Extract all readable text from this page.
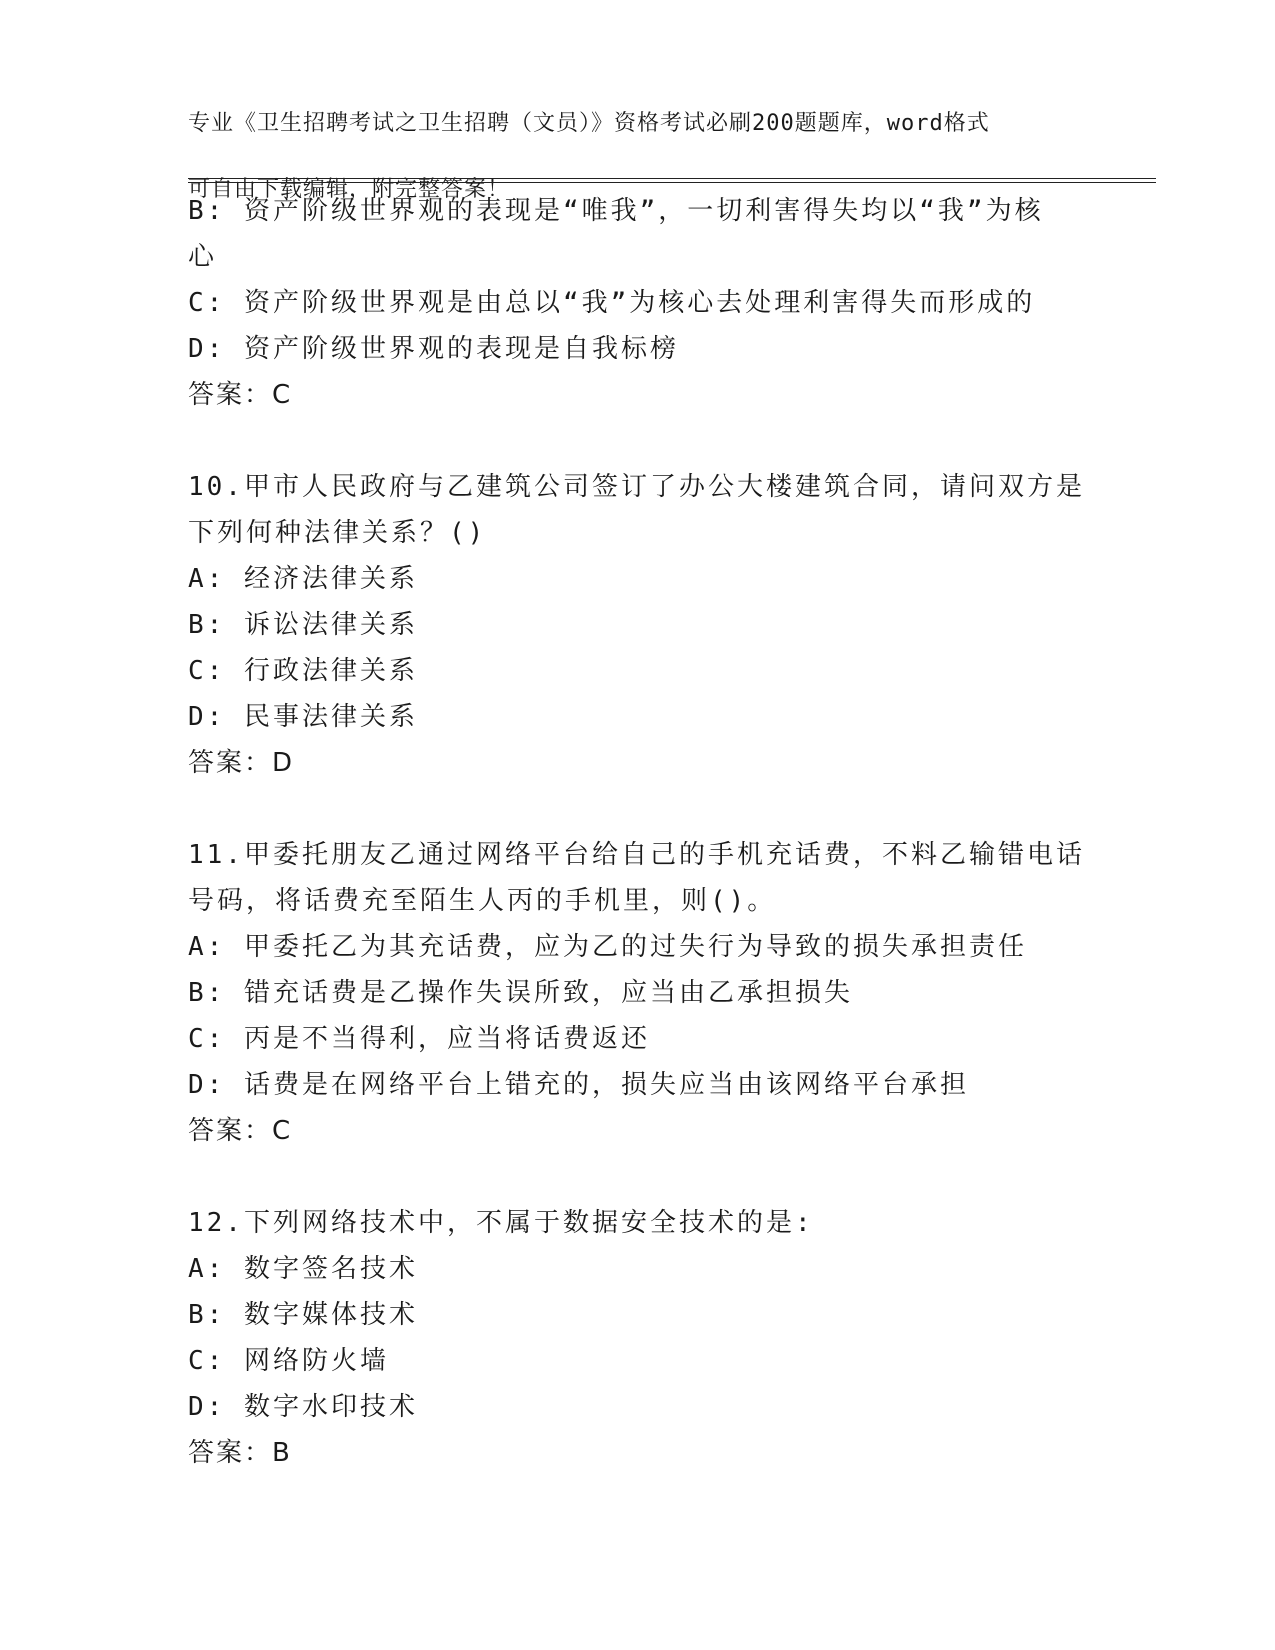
专业《卫生招聘考试之卫生招聘（文员）》资格考试必刷200题题库，word格式

可自由下载编辑，附完整答案！

B: 资产阶级世界观的表现是“唯我”，一切利害得失均以“我”为核
心
C: 资产阶级世界观是由总以“我”为核心去处理利害得失而形成的
D: 资产阶级世界观的表现是自我标榜
答案：C
10.甲市人民政府与乙建筑公司签订了办公大楼建筑合同，请问双方是
下列何种法律关系？()
A: 经济法律关系
B: 诉讼法律关系
C: 行政法律关系
D: 民事法律关系
答案：D
11.甲委托朋友乙通过网络平台给自己的手机充话费，不料乙输错电话
号码，将话费充至陌生人丙的手机里，则()。
A: 甲委托乙为其充话费，应为乙的过失行为导致的损失承担责任
B: 错充话费是乙操作失误所致，应当由乙承担损失
C: 丙是不当得利，应当将话费返还
D: 话费是在网络平台上错充的，损失应当由该网络平台承担
答案：C
12.下列网络技术中，不属于数据安全技术的是:
A: 数字签名技术
B: 数字媒体技术
C: 网络防火墙
D: 数字水印技术
答案：B
